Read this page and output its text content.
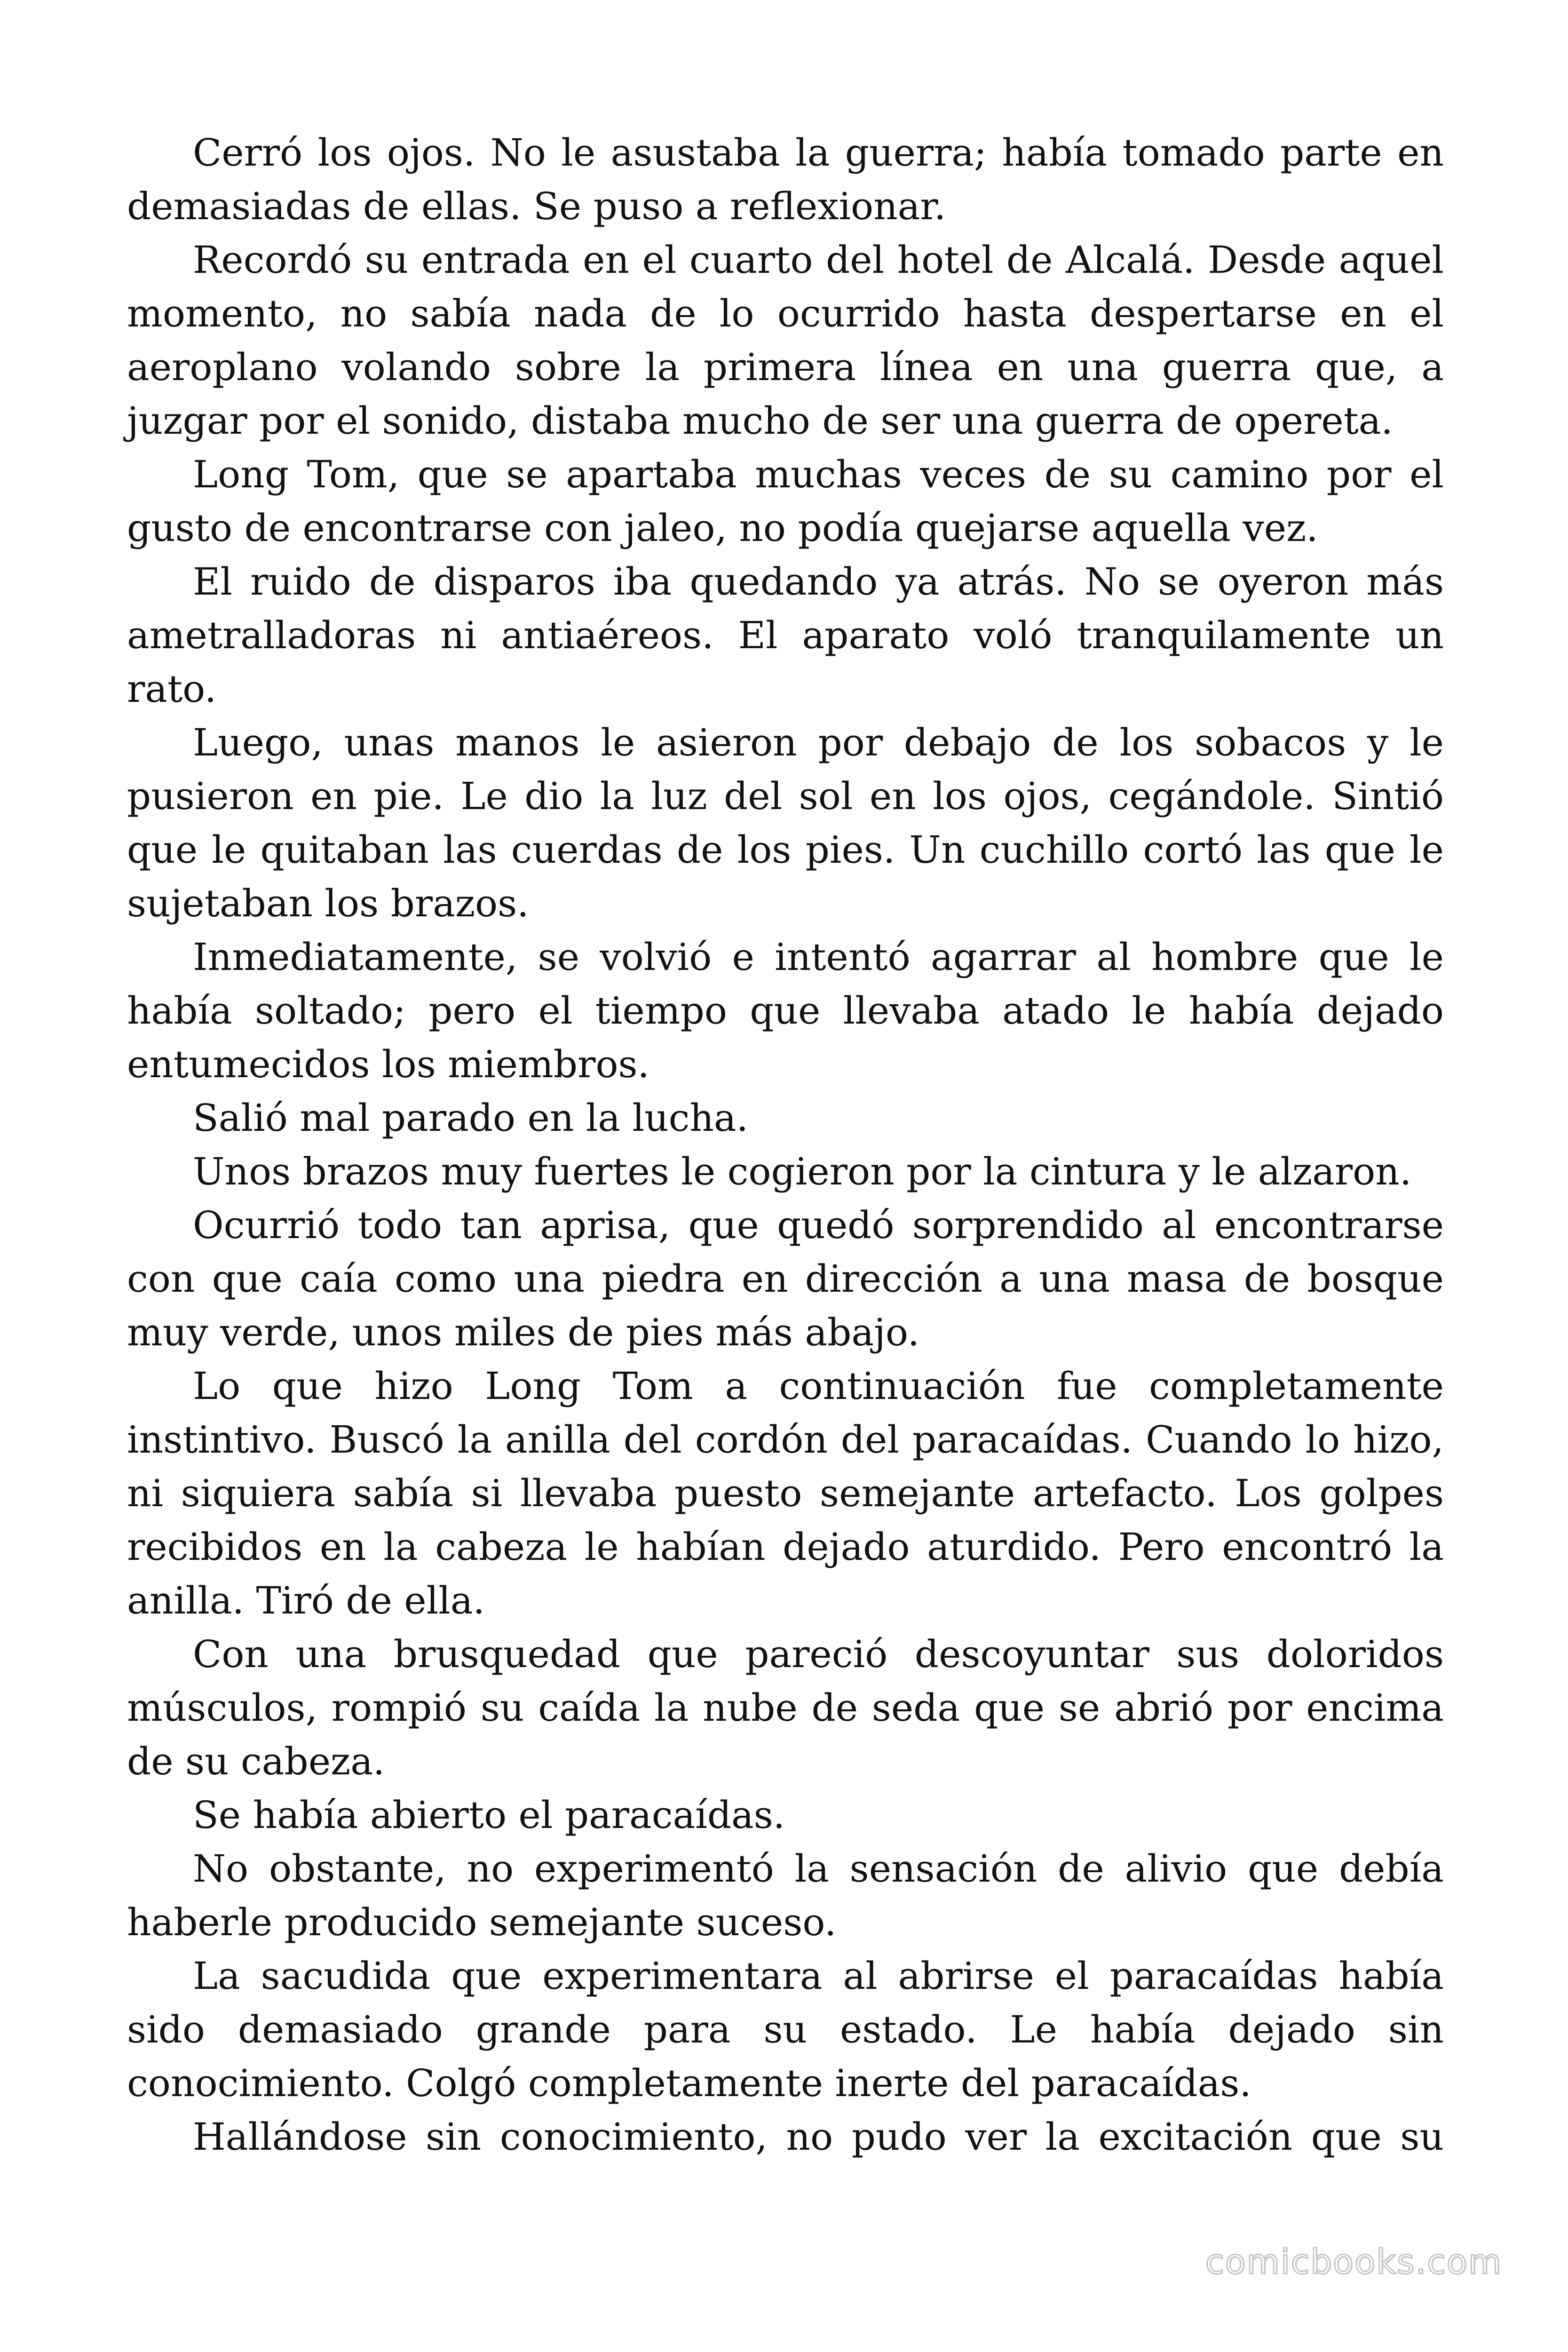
Cerró los ojos. No le asustaba la guerra; había tomado parte en demasiadas de ellas. Se puso a reflexionar.

Recordó su entrada en el cuarto del hotel de Alcalá. Desde aquel momento, no sabía nada de lo ocurrido hasta despertarse en el aeroplano volando sobre la primera línea en una guerra que, a juzgar por el sonido, distaba mucho de ser una guerra de opereta.

Long Tom, que se apartaba muchas veces de su camino por el gusto de encontrarse con jaleo, no podía quejarse aquella vez.

El ruido de disparos iba quedando ya atrás. No se oyeron más ametralladoras ni antiaéreos. El aparato voló tranquilamente un rato.

Luego, unas manos le asieron por debajo de los sobacos y le pusieron en pie. Le dio la luz del sol en los ojos, cegándole. Sintió que le quitaban las cuerdas de los pies. Un cuchillo cortó las que le sujetaban los brazos.

Inmediatamente, se volvió e intentó agarrar al hombre que le había soltado; pero el tiempo que llevaba atado le había dejado entumecidos los miembros.

Salió mal parado en la lucha.

Unos brazos muy fuertes le cogieron por la cintura y le alzaron.

Ocurrió todo tan aprisa, que quedó sorprendido al encontrarse con que caía como una piedra en dirección a una masa de bosque muy verde, unos miles de pies más abajo.

Lo que hizo Long Tom a continuación fue completamente instintivo. Buscó la anilla del cordón del paracaídas. Cuando lo hizo, ni siquiera sabía si llevaba puesto semejante artefacto. Los golpes recibidos en la cabeza le habían dejado aturdido. Pero encontró la anilla. Tiró de ella.

Con una brusquedad que pareció descoyuntar sus doloridos músculos, rompió su caída la nube de seda que se abrió por encima de su cabeza.

Se había abierto el paracaídas.

No obstante, no experimentó la sensación de alivio que debía haberle producido semejante suceso.

La sacudida que experimentara al abrirse el paracaídas había sido demasiado grande para su estado. Le había dejado sin conocimiento. Colgó completamente inerte del paracaídas.

Hallándose sin conocimiento, no pudo ver la excitación que su

comicbooks.com
